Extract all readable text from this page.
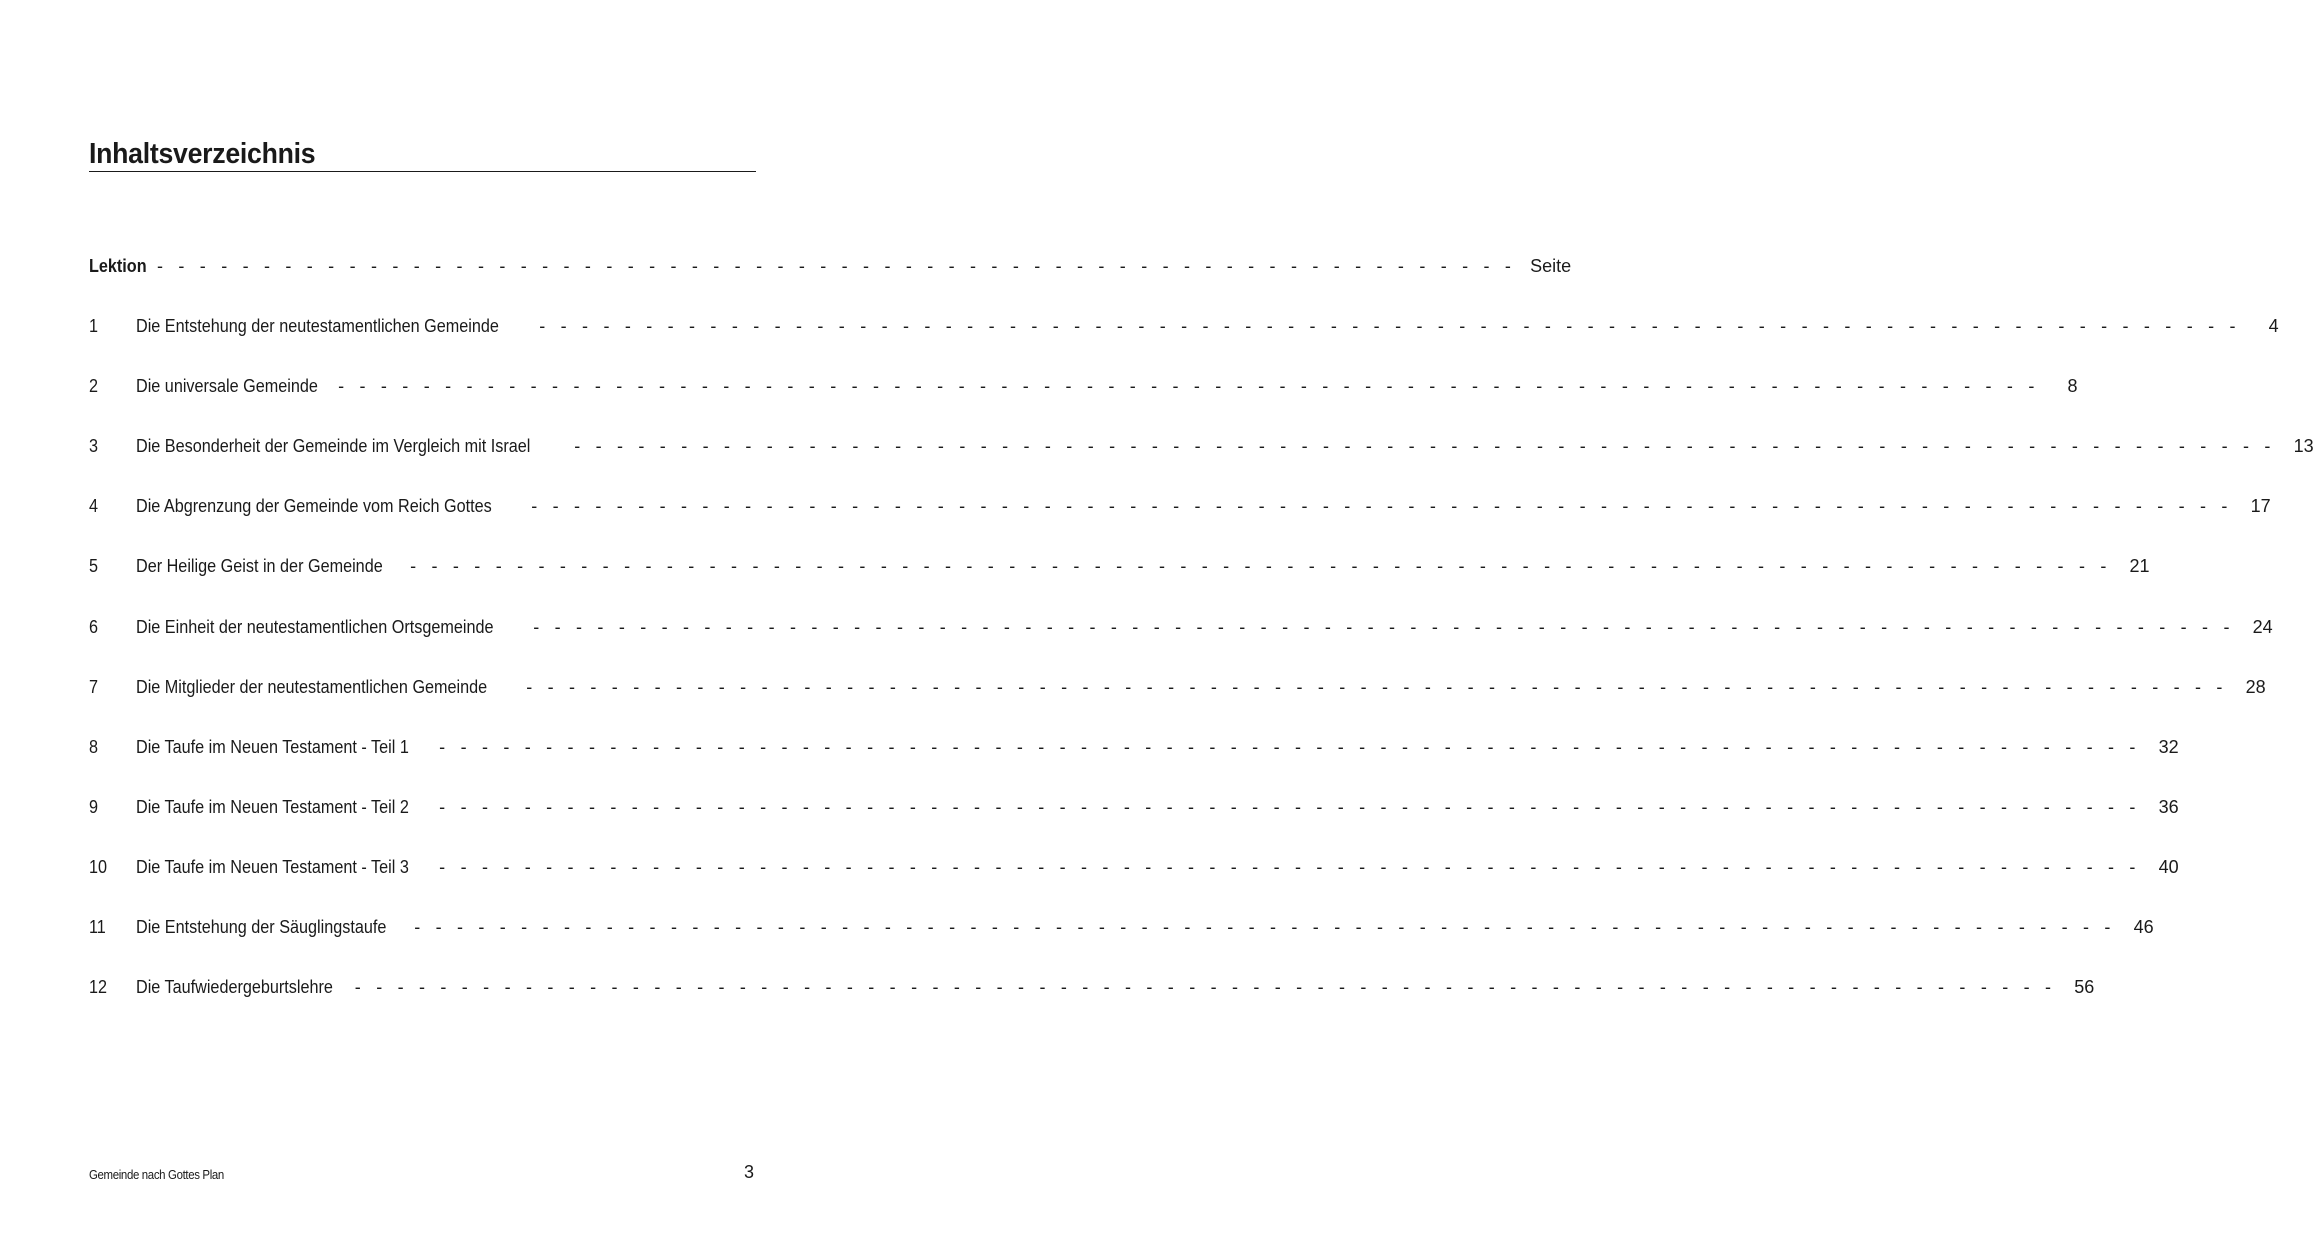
Inhaltsverzeichnis
Lektion - - - - - - - - - - - - - - - - - - - - - - - - - - - - - - - - - - - - - - - - - - - - - - - - - - - - - - - - - - - - - - - - Seite
1	Die Entstehung der neutestamentlichen Gemeinde - - - - - - - - - - - - - - - - - - - - - - - - - - - - - - - - - - - - - - - - - - - - - - - - - - - - - - - - - - - - - - - - - - - - - - - - - - - - - - - -	4
2	Die universale Gemeinde - - - - - - - - - - - - - - - - - - - - - - - - - - - - - - - - - - - - - - - - - - - - - - - - - - - - - - - - - - - - - - - - - - - - - - - - - - - - - - - -	8
3	Die Besonderheit der Gemeinde im Vergleich mit Israel - - - - - - - - - - - - - - - - - - - - - - - - - - - - - - - - - - - - - - - - - - - - - - - - - - - - - - - - - - - - - - - - - - - - - - - - - - - - - - - - 13
4	Die Abgrenzung der Gemeinde vom Reich Gottes - - - - - - - - - - - - - - - - - - - - - - - - - - - - - - - - - - - - - - - - - - - - - - - - - - - - - - - - - - - - - - - - - - - - - - - - - - - - - - - - 17
5	Der Heilige Geist in der Gemeinde - - - - - - - - - - - - - - - - - - - - - - - - - - - - - - - - - - - - - - - - - - - - - - - - - - - - - - - - - - - - - - - - - - - - - - - - - - - - - - - - 21
6	Die Einheit der neutestamentlichen Ortsgemeinde - - - - - - - - - - - - - - - - - - - - - - - - - - - - - - - - - - - - - - - - - - - - - - - - - - - - - - - - - - - - - - - - - - - - - - - - - - - - - - - - 24
7	Die Mitglieder der neutestamentlichen Gemeinde - - - - - - - - - - - - - - - - - - - - - - - - - - - - - - - - - - - - - - - - - - - - - - - - - - - - - - - - - - - - - - - - - - - - - - - - - - - - - - - - 28
8	Die Taufe im Neuen Testament - Teil 1 - - - - - - - - - - - - - - - - - - - - - - - - - - - - - - - - - - - - - - - - - - - - - - - - - - - - - - - - - - - - - - - - - - - - - - - - - - - - - - - - 32
9	Die Taufe im Neuen Testament - Teil 2 - - - - - - - - - - - - - - - - - - - - - - - - - - - - - - - - - - - - - - - - - - - - - - - - - - - - - - - - - - - - - - - - - - - - - - - - - - - - - - - - 36
10	Die Taufe im Neuen Testament - Teil 3 - - - - - - - - - - - - - - - - - - - - - - - - - - - - - - - - - - - - - - - - - - - - - - - - - - - - - - - - - - - - - - - - - - - - - - - - - - - - - - - - 40
11	Die Entstehung der Säuglingstaufe - - - - - - - - - - - - - - - - - - - - - - - - - - - - - - - - - - - - - - - - - - - - - - - - - - - - - - - - - - - - - - - - - - - - - - - - - - - - - - - - 46
12	Die Taufwiedergeburtslehre - - - - - - - - - - - - - - - - - - - - - - - - - - - - - - - - - - - - - - - - - - - - - - - - - - - - - - - - - - - - - - - - - - - - - - - - - - - - - - - - 56
Gemeinde nach Gottes Plan	3
